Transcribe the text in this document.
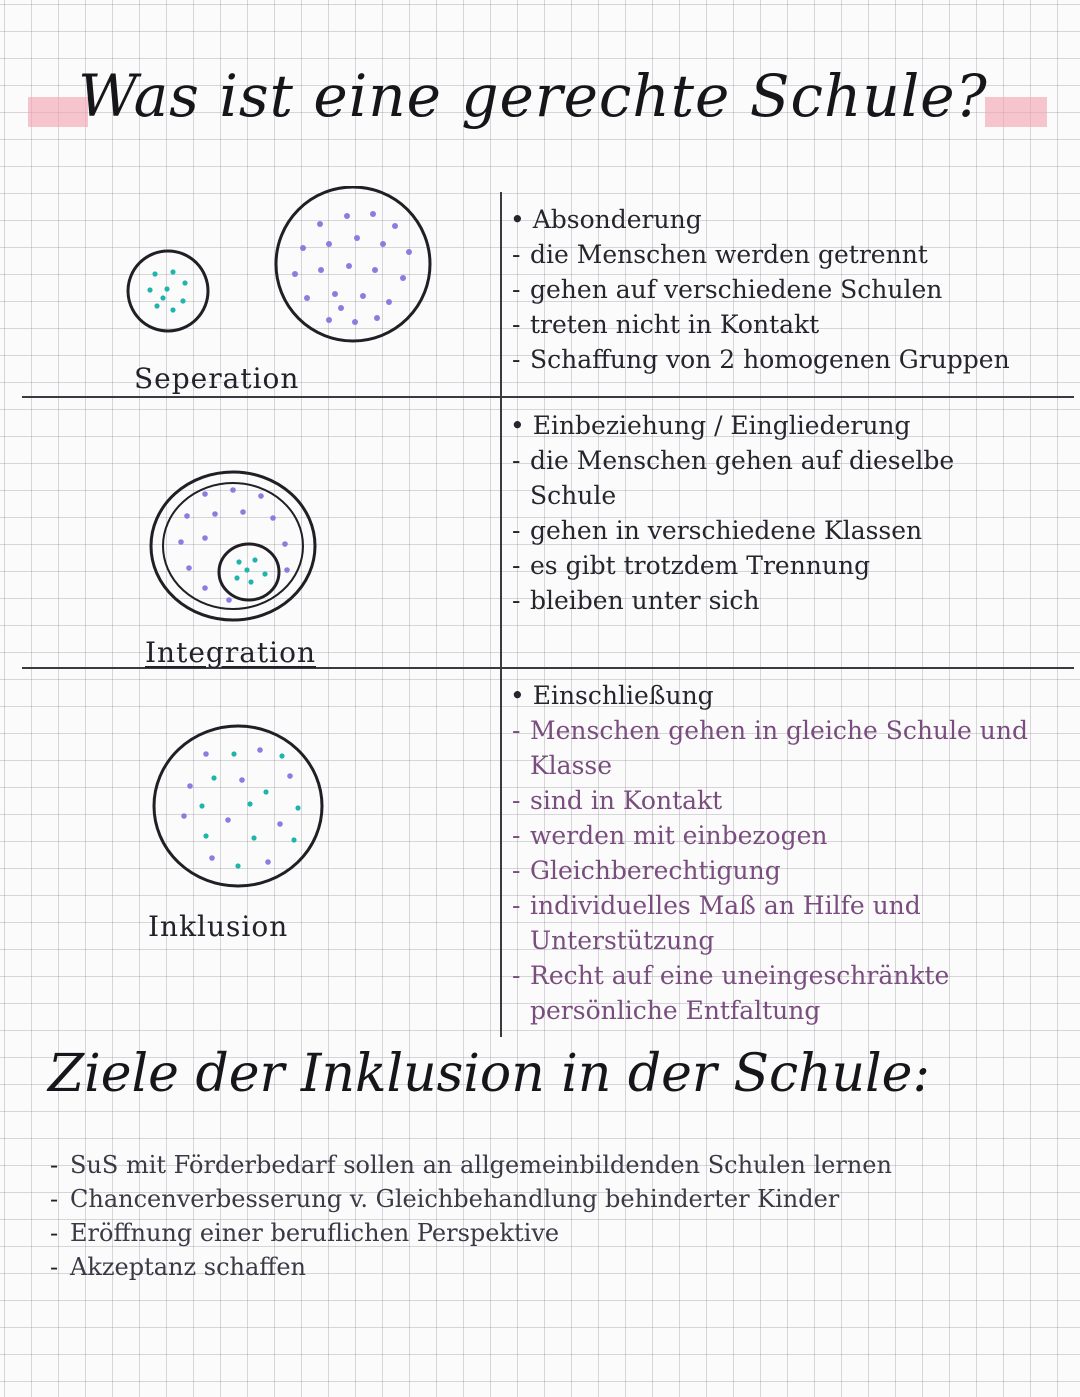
Was ist eine gerechte Schule?
Seperation
Integration
Inklusion
• Absonderung
- die Menschen werden getrennt
- gehen auf verschiedene Schulen
- treten nicht in Kontakt
- Schaffung von 2 homogenen Gruppen
• Einbeziehung / Eingliederung
- die Menschen gehen auf dieselbe Schule
- gehen in verschiedene Klassen
- es gibt trotzdem Trennung
- bleiben unter sich
• Einschließung
- Menschen gehen in gleiche Schule und Klasse
- sind in Kontakt
- werden mit einbezogen
- Gleichberechtigung
- individuelles Maß an Hilfe und Unterstützung
- Recht auf eine uneingeschränkte persönliche Entfaltung
Ziele der Inklusion in der Schule:
- SuS mit Förderbedarf sollen an allgemeinbildenden Schulen lernen
- Chancenverbesserung v. Gleichbehandlung behinderter Kinder
- Eröffnung einer beruflichen Perspektive
- Akzeptanz schaffen
